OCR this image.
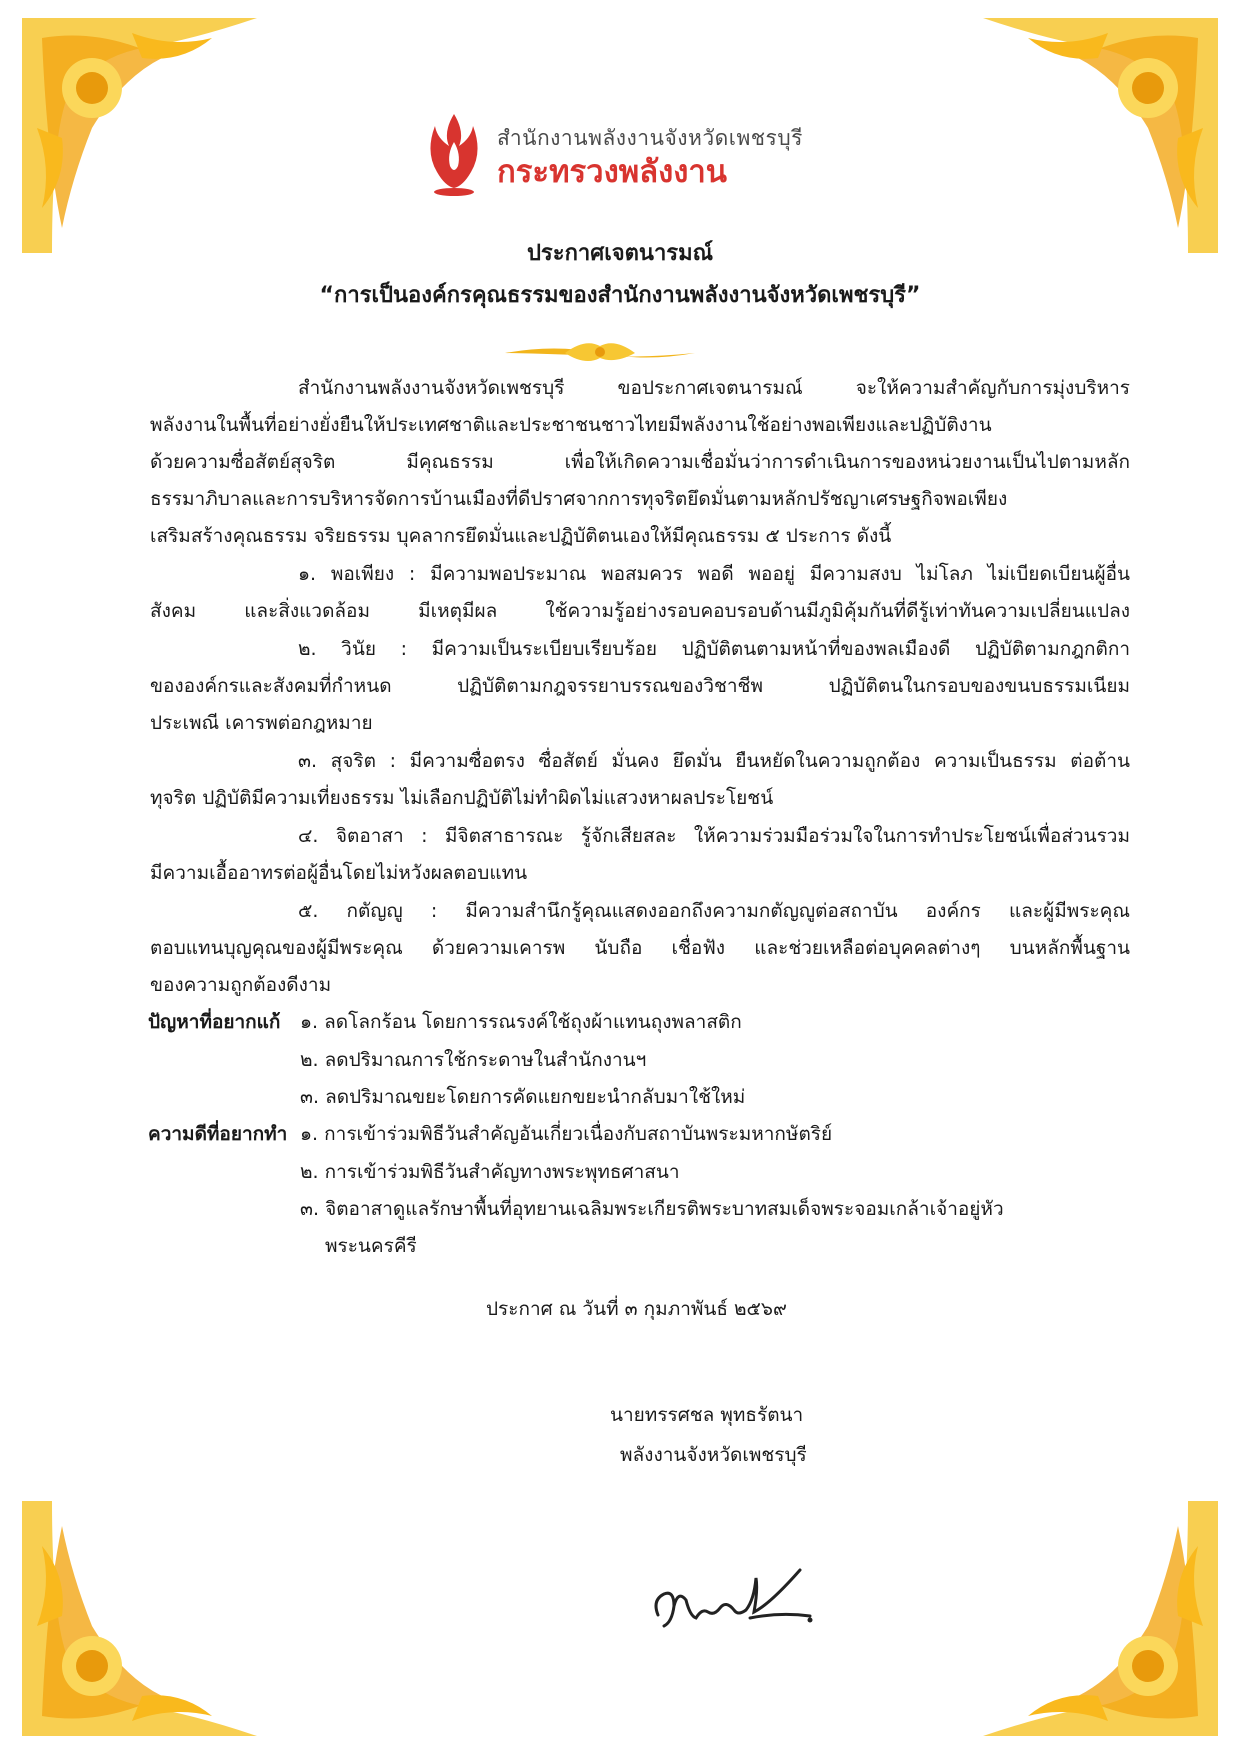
สำนักงานพลังงานจังหวัดเพชรบุรี
กระทรวงพลังงาน
ประกาศเจตนารมณ์
“การเป็นองค์กรคุณธรรมของสำนักงานพลังงานจังหวัดเพชรบุรี”
สำนักงานพลังงานจังหวัดเพชรบุรี ขอประกาศเจตนารมณ์ จะให้ความสำคัญกับการมุ่งบริหาร
พลังงานในพื้นที่อย่างยั่งยืนให้ประเทศชาติและประชาชนชาวไทยมีพลังงานใช้อย่างพอเพียงและปฏิบัติงาน
ด้วยความซื่อสัตย์สุจริต มีคุณธรรม เพื่อให้เกิดความเชื่อมั่นว่าการดำเนินการของหน่วยงานเป็นไปตามหลัก
ธรรมาภิบาลและการบริหารจัดการบ้านเมืองที่ดีปราศจากการทุจริตยึดมั่นตามหลักปรัชญาเศรษฐกิจพอเพียง
เสริมสร้างคุณธรรม จริยธรรม บุคลากรยึดมั่นและปฏิบัติตนเองให้มีคุณธรรม ๕ ประการ ดังนี้
๑. พอเพียง : มีความพอประมาณ พอสมควร พอดี พออยู่ มีความสงบ ไม่โลภ ไม่เบียดเบียนผู้อื่น
สังคม และสิ่งแวดล้อม มีเหตุมีผล ใช้ความรู้อย่างรอบคอบรอบด้านมีภูมิคุ้มกันที่ดีรู้เท่าทันความเปลี่ยนแปลง
๒. วินัย : มีความเป็นระเบียบเรียบร้อย ปฏิบัติตนตามหน้าที่ของพลเมืองดี ปฏิบัติตามกฎกติกา
ขององค์กรและสังคมที่กำหนด ปฏิบัติตามกฎจรรยาบรรณของวิชาชีพ ปฏิบัติตนในกรอบของขนบธรรมเนียม
ประเพณี เคารพต่อกฎหมาย
๓. สุจริต : มีความซื่อตรง ซื่อสัตย์ มั่นคง ยึดมั่น ยืนหยัดในความถูกต้อง ความเป็นธรรม ต่อต้าน
ทุจริต ปฏิบัติมีความเที่ยงธรรม ไม่เลือกปฏิบัติไม่ทำผิดไม่แสวงหาผลประโยชน์
๔. จิตอาสา : มีจิตสาธารณะ รู้จักเสียสละ ให้ความร่วมมือร่วมใจในการทำประโยชน์เพื่อส่วนรวม
มีความเอื้ออาทรต่อผู้อื่นโดยไม่หวังผลตอบแทน
๕. กตัญญู : มีความสำนึกรู้คุณแสดงออกถึงความกตัญญูต่อสถาบัน องค์กร และผู้มีพระคุณ
ตอบแทนบุญคุณของผู้มีพระคุณ ด้วยความเคารพ นับถือ เชื่อฟัง และช่วยเหลือต่อบุคคลต่างๆ บนหลักพื้นฐาน
ของความถูกต้องดีงาม
ปัญหาที่อยากแก้ ๑. ลดโลกร้อน โดยการรณรงค์ใช้ถุงผ้าแทนถุงพลาสติก
๒. ลดปริมาณการใช้กระดาษในสำนักงานฯ
๓. ลดปริมาณขยะโดยการคัดแยกขยะนำกลับมาใช้ใหม่
ความดีที่อยากทำ ๑. การเข้าร่วมพิธีวันสำคัญอันเกี่ยวเนื่องกับสถาบันพระมหากษัตริย์
๒. การเข้าร่วมพิธีวันสำคัญทางพระพุทธศาสนา
๓. จิตอาสาดูแลรักษาพื้นที่อุทยานเฉลิมพระเกียรติพระบาทสมเด็จพระจอมเกล้าเจ้าอยู่หัว
พระนครคีรี
ประกาศ ณ วันที่ ๓ กุมภาพันธ์ ๒๕๖๙
นายทรรศชล พุทธรัตนา
พลังงานจังหวัดเพชรบุรี
